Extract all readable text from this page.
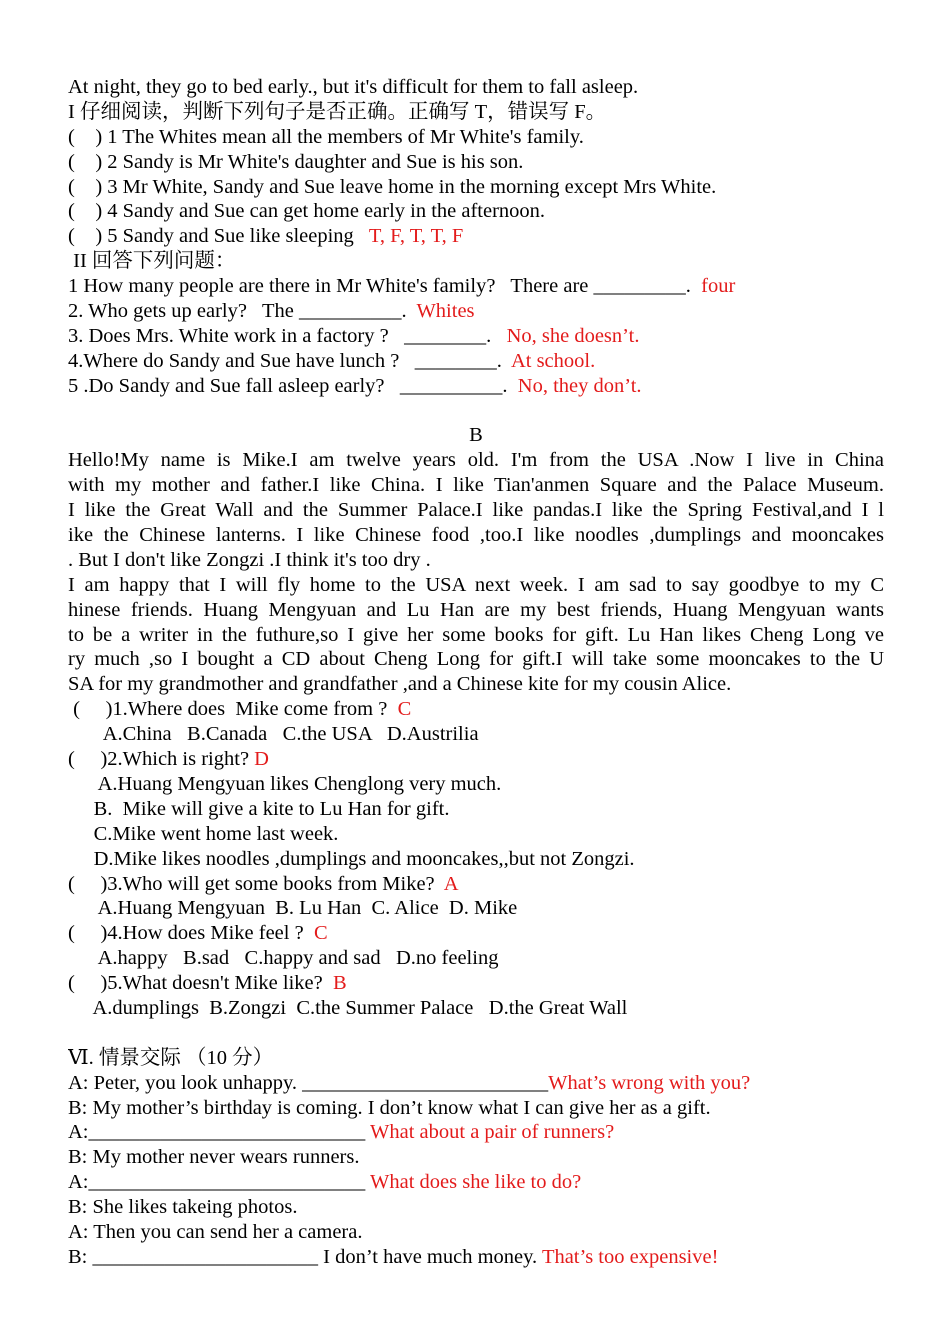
At night, they go to bed early., but it's difficult for them to fall asleep.
I 仔细阅读，判断下列句子是否正确。正确写 T，错误写 F。
(    ) 1 The Whites mean all the members of Mr White's family.
(    ) 2 Sandy is Mr White's daughter and Sue is his son.
(    ) 3 Mr White, Sandy and Sue leave home in the morning except Mrs White.
(    ) 4 Sandy and Sue can get home early in the afternoon.
(    ) 5 Sandy and Sue like sleeping   T, F, T, T, F
II 回答下列问题：
1 How many people are there in Mr White's family?   There are _________.  four
2. Who gets up early?   The __________.  Whites
3. Does Mrs. White work in a factory ?   ________.   No, she doesn’t.
4.Where do Sandy and Sue have lunch ?   ________.  At school.
5 .Do Sandy and Sue fall asleep early?   __________.  No, they don’t.
B
Hello!My name is Mike.I am twelve years old. I'm from the USA .Now I live in China
with my mother and father.I like China. I like Tian'anmen Square and the Palace Museum.
I like the Great Wall and the Summer Palace.I like pandas.I like the Spring Festival,and I l
ike the Chinese lanterns. I like Chinese food ,too.I like noodles ,dumplings and mooncakes
. But I don't like Zongzi .I think it's too dry .
I am happy that I will fly home to the USA next week. I am sad to say goodbye to my C
hinese friends. Huang Mengyuan and Lu Han are my best friends, Huang Mengyuan wants
to be a writer in the futhure,so I give her some books for gift. Lu Han likes Cheng Long ve
ry much ,so I bought a CD about Cheng Long for gift.I will take some mooncakes to the U
SA for my grandmother and grandfather ,and a Chinese kite for my cousin Alice.
(     )1.Where does  Mike come from ?  C
A.China   B.Canada   C.the USA   D.Austrilia
(     )2.Which is right? D
A.Huang Mengyuan likes Chenglong very much.
B.  Mike will give a kite to Lu Han for gift.
C.Mike went home last week.
D.Mike likes noodles ,dumplings and mooncakes,,but not Zongzi.
(     )3.Who will get some books from Mike?  A
A.Huang Mengyuan  B. Lu Han  C. Alice  D. Mike
(     )4.How does Mike feel ?  C
A.happy   B.sad   C.happy and sad   D.no feeling
(     )5.What doesn't Mike like?  B
A.dumplings  B.Zongzi  C.the Summer Palace   D.the Great Wall
Ⅵ. 情景交际 （10 分）
A: Peter, you look unhappy. ________________________What’s wrong with you?
B: My mother’s birthday is coming. I don’t know what I can give her as a gift.
A:___________________________ What about a pair of runners?
B: My mother never wears runners.
A:___________________________ What does she like to do?
B: She likes takeing photos.
A: Then you can send her a camera.
B: ______________________ I don’t have much money. That’s too expensive!
